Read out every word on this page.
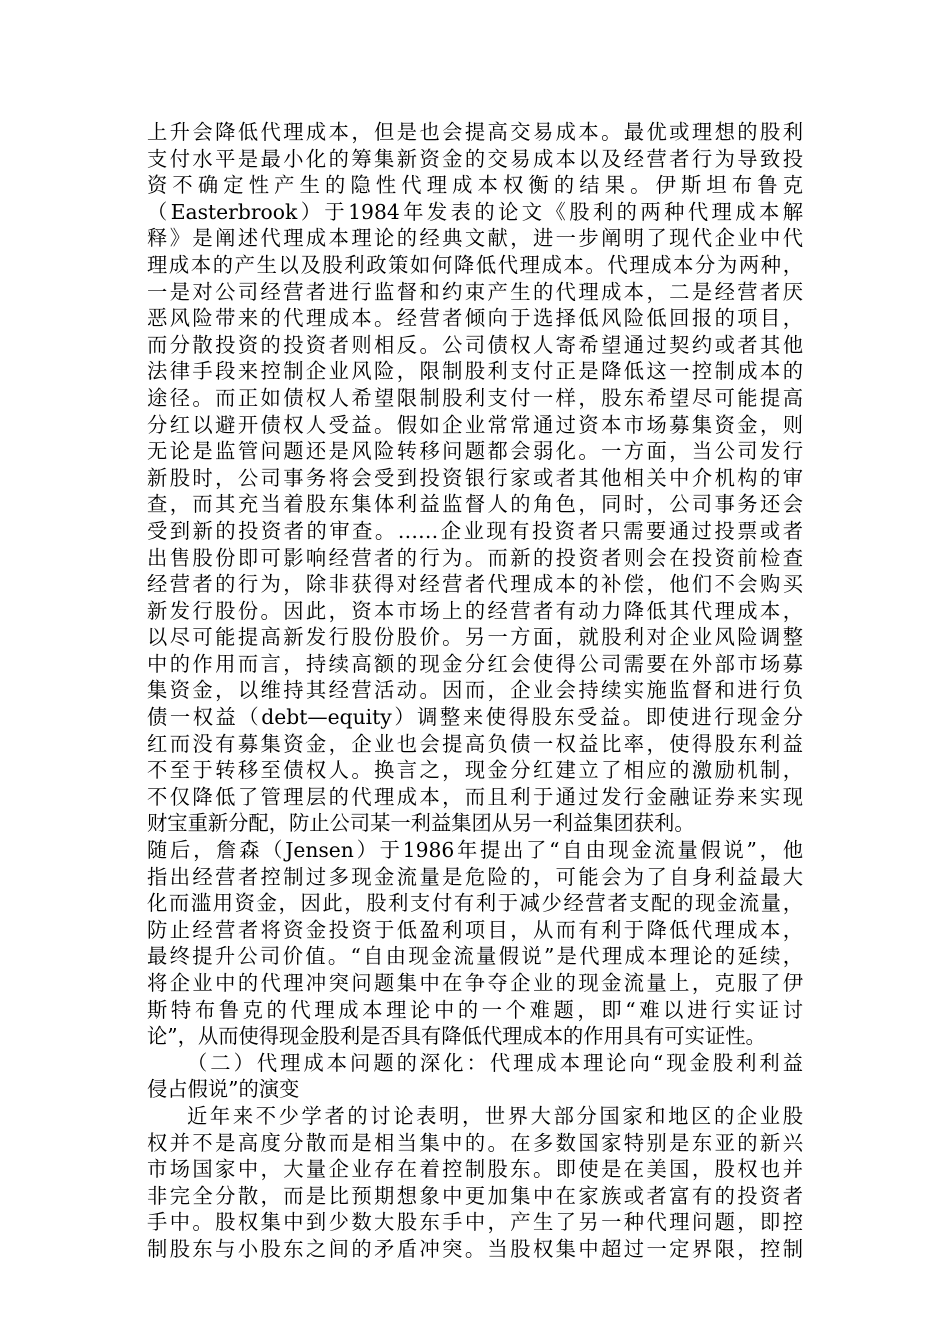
上升会降低代理成本，但是也会提高交易成本。最优或理想的股利
支付水平是最小化的筹集新资金的交易成本以及经营者行为导致投
资不确定性产生的隐性代理成本权衡的结果。伊斯坦布鲁克
（Easterbrook）于1984年发表的论文《股利的两种代理成本解
释》是阐述代理成本理论的经典文献，进一步阐明了现代企业中代
理成本的产生以及股利政策如何降低代理成本。代理成本分为两种，
一是对公司经营者进行监督和约束产生的代理成本，二是经营者厌
恶风险带来的代理成本。经营者倾向于选择低风险低回报的项目，
而分散投资的投资者则相反。公司债权人寄希望通过契约或者其他
法律手段来控制企业风险，限制股利支付正是降低这一控制成本的
途径。而正如债权人希望限制股利支付一样，股东希望尽可能提高
分红以避开债权人受益。假如企业常常通过资本市场募集资金，则
无论是监管问题还是风险转移问题都会弱化。一方面，当公司发行
新股时，公司事务将会受到投资银行家或者其他相关中介机构的审
查，而其充当着股东集体利益监督人的角色，同时，公司事务还会
受到新的投资者的审查。……企业现有投资者只需要通过投票或者
出售股份即可影响经营者的行为。而新的投资者则会在投资前检查
经营者的行为，除非获得对经营者代理成本的补偿，他们不会购买
新发行股份。因此，资本市场上的经营者有动力降低其代理成本，
以尽可能提高新发行股份股价。另一方面，就股利对企业风险调整
中的作用而言，持续高额的现金分红会使得公司需要在外部市场募
集资金，以维持其经营活动。因而，企业会持续实施监督和进行负
债一权益（debt—equity）调整来使得股东受益。即使进行现金分
红而没有募集资金，企业也会提高负债一权益比率，使得股东利益
不至于转移至债权人。换言之，现金分红建立了相应的激励机制，
不仅降低了管理层的代理成本，而且利于通过发行金融证券来实现
财宝重新分配，防止公司某一利益集团从另一利益集团获利。
随后，詹森（Jensen）于1986年提出了“自由现金流量假说”，他
指出经营者控制过多现金流量是危险的，可能会为了自身利益最大
化而滥用资金，因此，股利支付有利于减少经营者支配的现金流量，
防止经营者将资金投资于低盈利项目，从而有利于降低代理成本，
最终提升公司价值。“自由现金流量假说”是代理成本理论的延续，
将企业中的代理冲突问题集中在争夺企业的现金流量上，克服了伊
斯特布鲁克的代理成本理论中的一个难题，即“难以进行实证讨
论”，从而使得现金股利是否具有降低代理成本的作用具有可实证性。
（二）代理成本问题的深化：代理成本理论向“现金股利利益
侵占假说”的演变
近年来不少学者的讨论表明，世界大部分国家和地区的企业股
权并不是高度分散而是相当集中的。在多数国家特别是东亚的新兴
市场国家中，大量企业存在着控制股东。即使是在美国，股权也并
非完全分散，而是比预期想象中更加集中在家族或者富有的投资者
手中。股权集中到少数大股东手中，产生了另一种代理问题，即控
制股东与小股东之间的矛盾冲突。当股权集中超过一定界限，控制
